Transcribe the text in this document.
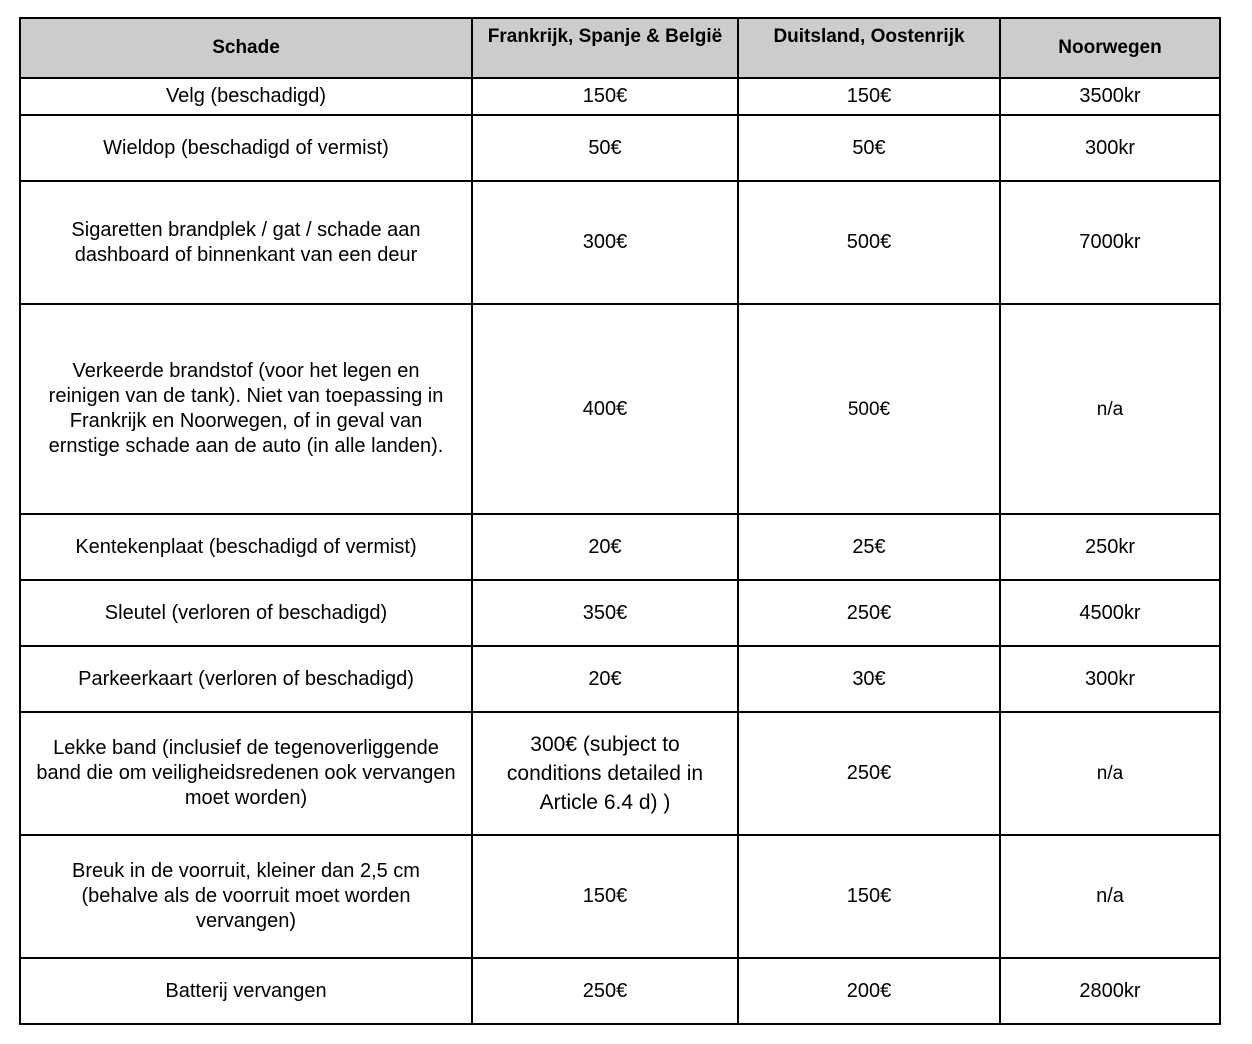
Schade	Frankrijk, Spanje & België	Duitsland, Oostenrijk	Noorwegen
Velg (beschadigd)	150€	150€	3500kr
Wieldop (beschadigd of vermist)	50€	50€	300kr
Sigaretten brandplek / gat / schade aan dashboard of binnenkant van een deur	300€	500€	7000kr
Verkeerde brandstof (voor het legen en reinigen van de tank). Niet van toepassing in Frankrijk en Noorwegen, of in geval van ernstige schade aan de auto (in alle landen).	400€	500€	n/a
Kentekenplaat (beschadigd of vermist)	20€	25€	250kr
Sleutel (verloren of beschadigd)	350€	250€	4500kr
Parkeerkaart (verloren of beschadigd)	20€	30€	300kr
Lekke band (inclusief de tegenoverliggende band die om veiligheidsredenen ook vervangen moet worden)	300€ (subject to conditions detailed in Article 6.4 d) )	250€	n/a
Breuk in de voorruit, kleiner dan 2,5 cm (behalve als de voorruit moet worden vervangen)	150€	150€	n/a
Batterij vervangen	250€	200€	2800kr
